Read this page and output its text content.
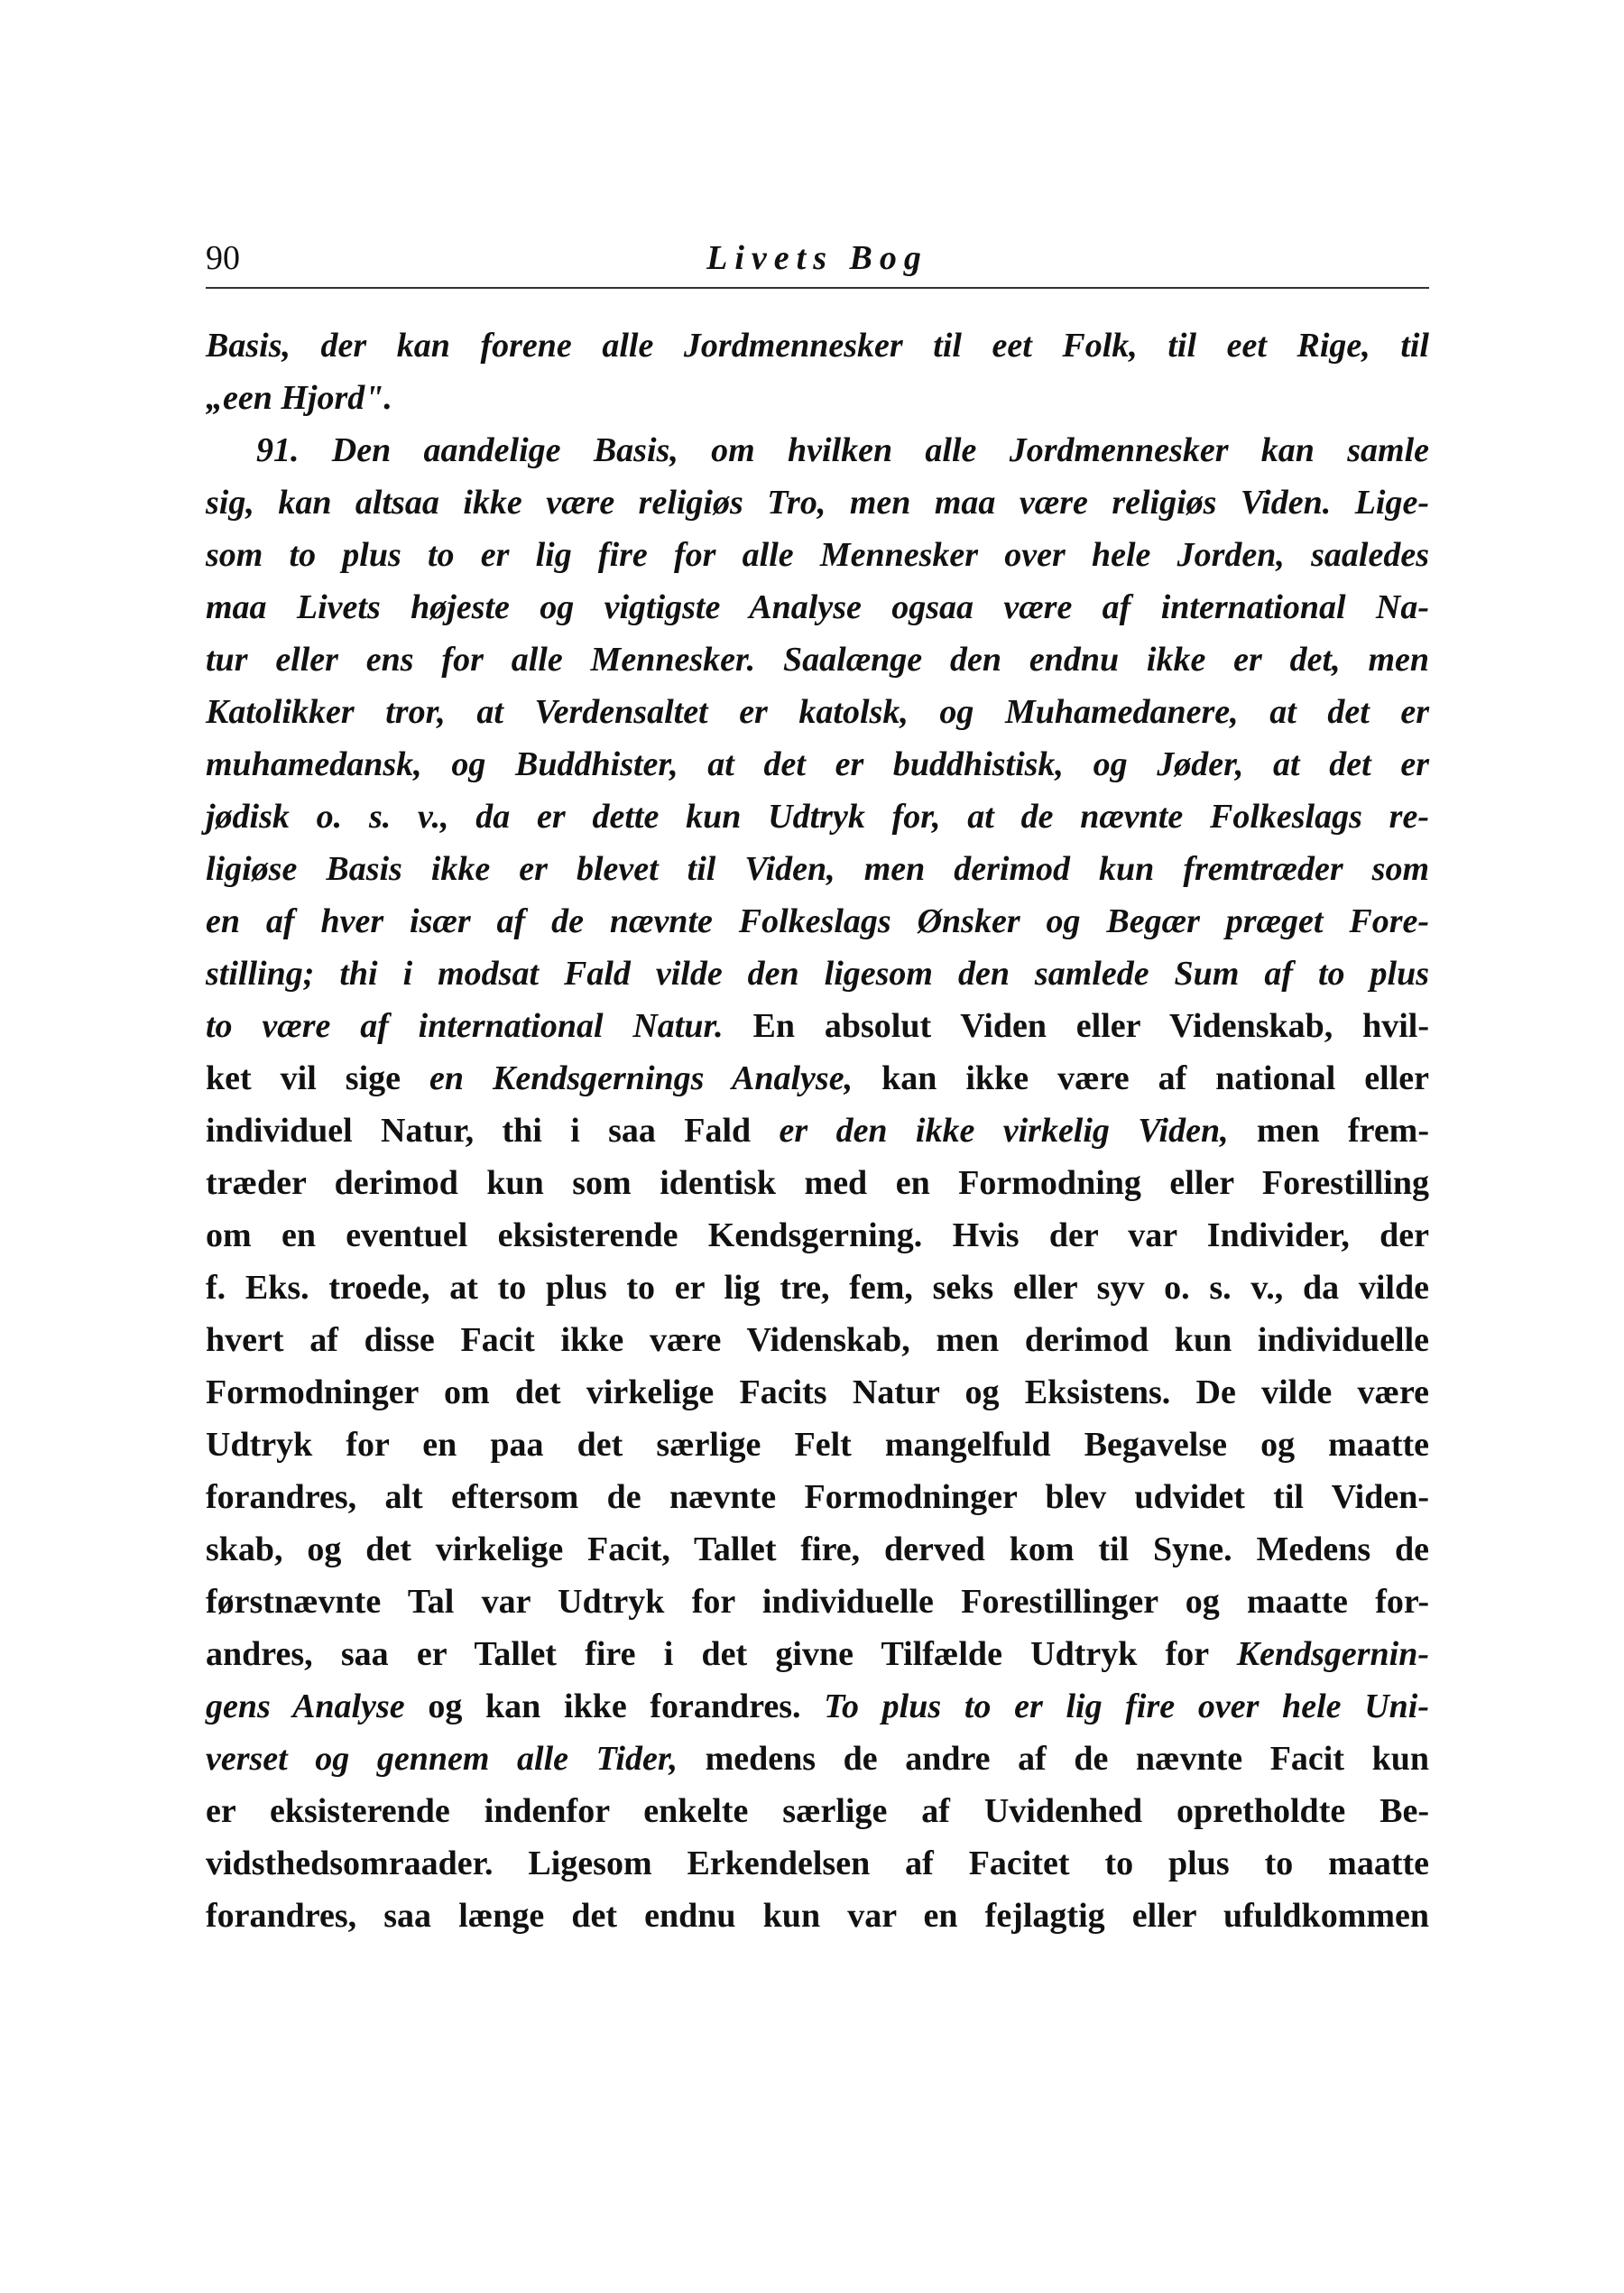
90	Livets Bog
Basis, der kan forene alle Jordmennesker til eet Folk, til eet Rige, til
„een Hjord".
91. Den aandelige Basis, om hvilken alle Jordmennesker kan samle
sig, kan altsaa ikke være religiøs Tro, men maa være religiøs Viden. Lige-
som to plus to er lig fire for alle Mennesker over hele Jorden, saaledes
maa Livets højeste og vigtigste Analyse ogsaa være af international Na-
tur eller ens for alle Mennesker. Saalænge den endnu ikke er det, men
Katolikker tror, at Verdensaltet er katolsk, og Muhamedanere, at det er
muhamedansk, og Buddhister, at det er buddhistisk, og Jøder, at det er
jødisk o. s. v., da er dette kun Udtryk for, at de nævnte Folkeslags re-
ligiøse Basis ikke er blevet til Viden, men derimod kun fremtræder som
en af hver især af de nævnte Folkeslags Ønsker og Begær præget Fore-
stilling; thi i modsat Fald vilde den ligesom den samlede Sum af to plus
to være af international Natur. En absolut Viden eller Videnskab, hvil-
ket vil sige en Kendsgernings Analyse, kan ikke være af national eller
individuel Natur, thi i saa Fald er den ikke virkelig Viden, men frem-
træder derimod kun som identisk med en Formodning eller Forestilling
om en eventuel eksisterende Kendsgerning. Hvis der var Individer, der
f. Eks. troede, at to plus to er lig tre, fem, seks eller syv o. s. v., da vilde
hvert af disse Facit ikke være Videnskab, men derimod kun individuelle
Formodninger om det virkelige Facits Natur og Eksistens. De vilde være
Udtryk for en paa det særlige Felt mangelfuld Begavelse og maatte
forandres, alt eftersom de nævnte Formodninger blev udvidet til Viden-
skab, og det virkelige Facit, Tallet fire, derved kom til Syne. Medens de
førstnævnte Tal var Udtryk for individuelle Forestillinger og maatte for-
andres, saa er Tallet fire i det givne Tilfælde Udtryk for Kendsgernin-
gens Analyse og kan ikke forandres. To plus to er lig fire over hele Uni-
verset og gennem alle Tider, medens de andre af de nævnte Facit kun
er eksisterende indenfor enkelte særlige af Uvidenhed opretholdte Be-
vidsthedsomraader. Ligesom Erkendelsen af Facitet to plus to maatte
forandres, saa længe det endnu kun var en fejlagtig eller ufuldkommen
